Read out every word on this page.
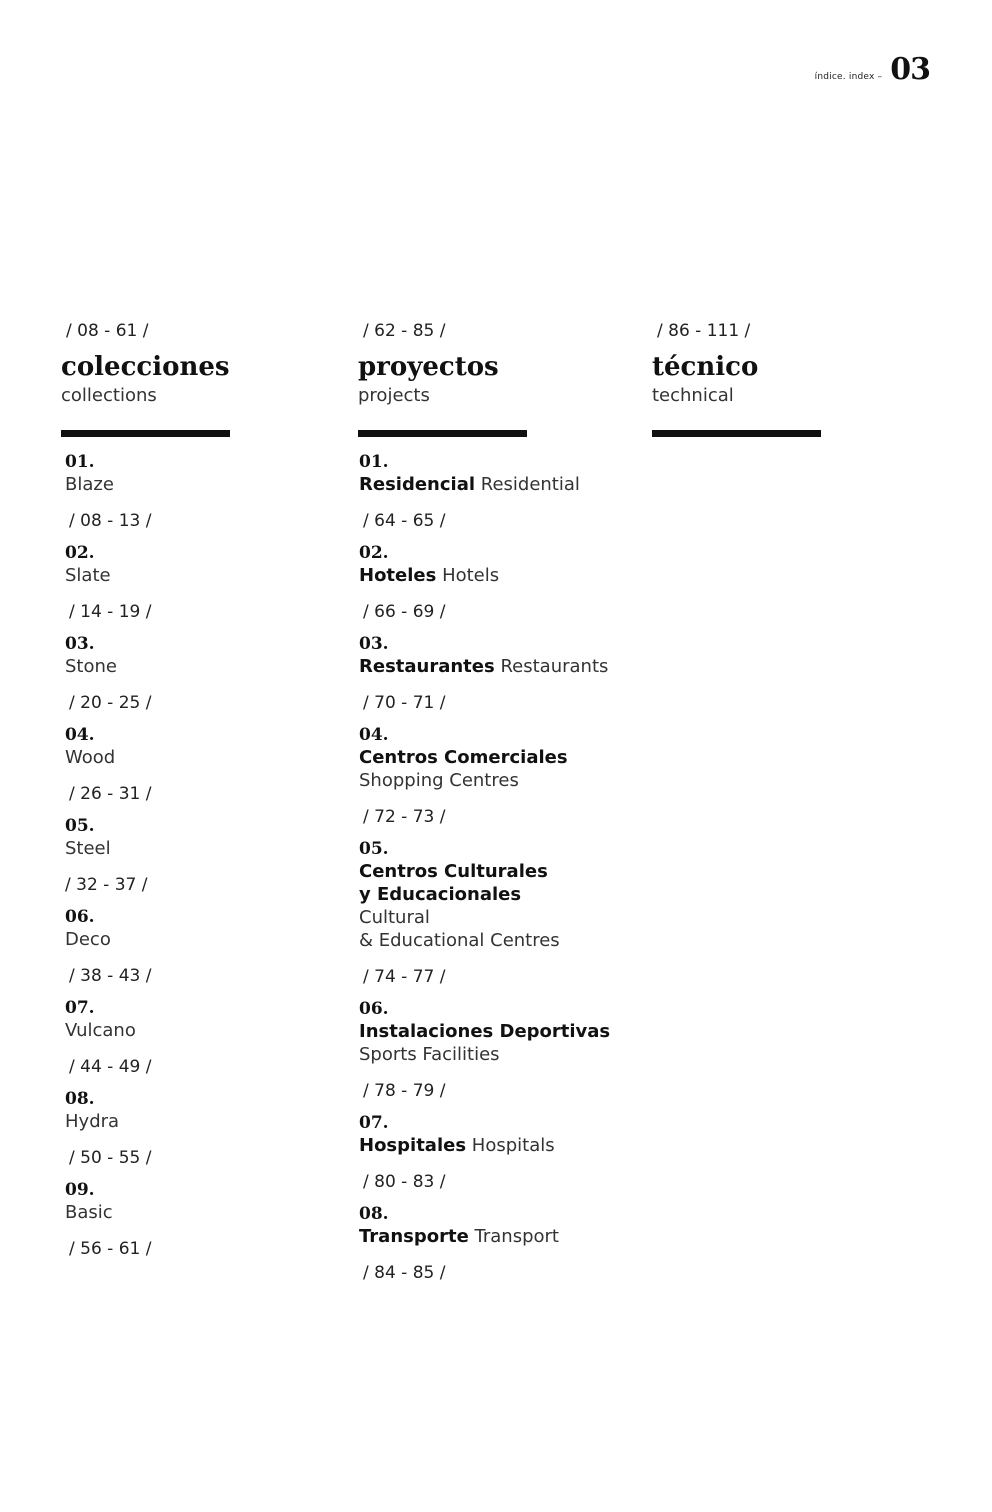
índice. index – 03
/ 08 - 61 /
colecciones
collections
01.
Blaze
/ 08 - 13 /
02.
Slate
/ 14 - 19 /
03.
Stone
/ 20 - 25 /
04.
Wood
/ 26 - 31 /
05.
Steel
/ 32 - 37 /
06.
Deco
/ 38 - 43 /
07.
Vulcano
/ 44 - 49 /
08.
Hydra
/ 50 - 55 /
09.
Basic
/ 56 - 61 /
/ 62 - 85 /
proyectos
projects
01.
Residencial Residential
/ 64 - 65 /
02.
Hoteles Hotels
/ 66 - 69 /
03.
Restaurantes Restaurants
/ 70 - 71 /
04.
Centros Comerciales
Shopping Centres
/ 72 - 73 /
05.
Centros Culturales
y Educacionales
Cultural
& Educational Centres
/ 74 - 77 /
06.
Instalaciones Deportivas
Sports Facilities
/ 78 - 79 /
07.
Hospitales Hospitals
/ 80 - 83 /
08.
Transporte Transport
/ 84 - 85 /
/ 86 - 111 /
técnico
technical
